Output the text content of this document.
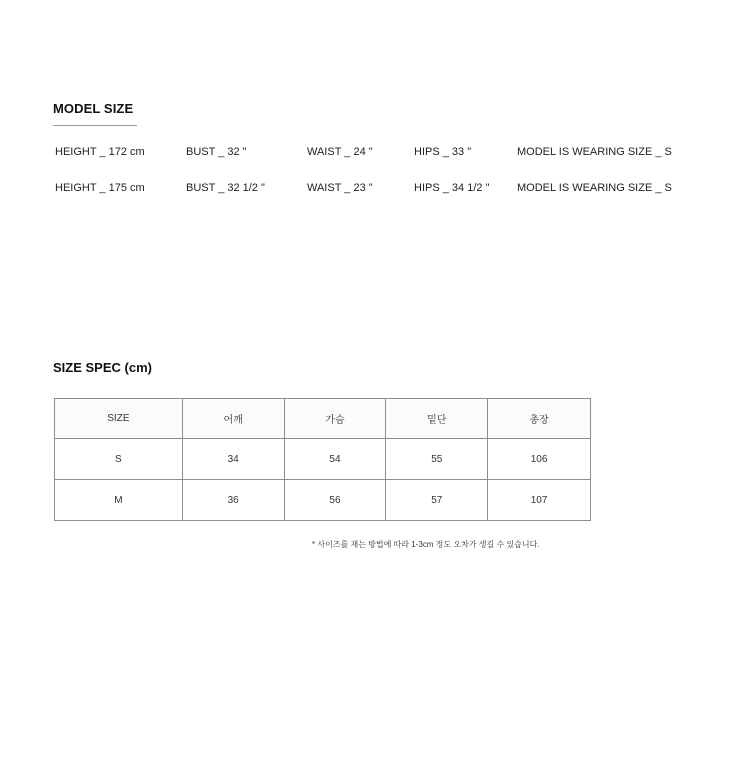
MODEL SIZE
HEIGHT _ 172 cm	BUST _ 32 "	WAIST _ 24 "	HIPS _ 33 "	MODEL IS WEARING SIZE _ S
HEIGHT _ 175 cm	BUST _ 32 1/2 "	WAIST _ 23 "	HIPS _ 34 1/2 "	MODEL IS WEARING SIZE _ S
SIZE SPEC (cm)
SIZE	어깨	가슴	밑단	총장
S	34	54	55	106
M	36	56	57	107
* 사이즈를 재는 방법에 따라 1-3cm 정도 오차가 생길 수 있습니다.
